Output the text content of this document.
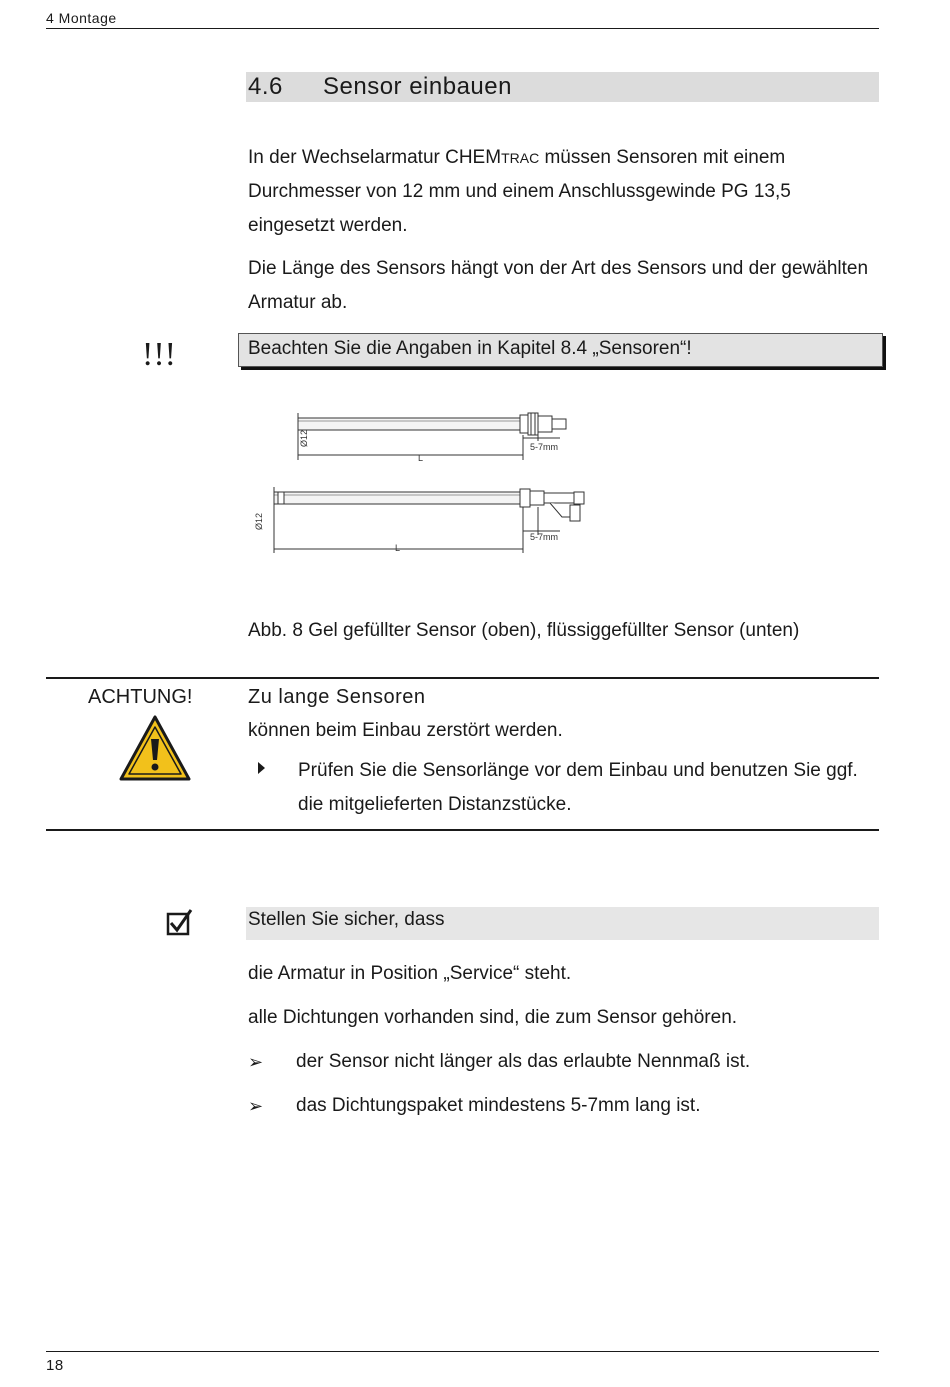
4 Montage
4.6 Sensor einbauen
In der Wechselarmatur CHEMTRAC müssen Sensoren mit einem Durchmesser von 12 mm und einem Anschlussgewinde PG 13,5 eingesetzt werden.
Die Länge des Sensors hängt von der Art des Sensors und der gewählten Armatur ab.
!!!	Beachten Sie die Angaben in Kapitel 8.4 „Sensoren“!
Ø12
L
5-7mm
Ø12
L
5-7mm
Abb. 8 Gel gefüllter Sensor (oben), flüssiggefüllter Sensor (unten)
ACHTUNG!	Zu lange Sensoren
können beim Einbau zerstört werden.
Prüfen Sie die Sensorlänge vor dem Einbau und benutzen Sie ggf. die mitgelieferten Distanzstücke.
Stellen Sie sicher, dass
die Armatur in Position „Service“ steht.
alle Dichtungen vorhanden sind, die zum Sensor gehören.
➢ der Sensor nicht länger als das erlaubte Nennmaß ist.
➢ das Dichtungspaket mindestens 5-7mm lang ist.
18
